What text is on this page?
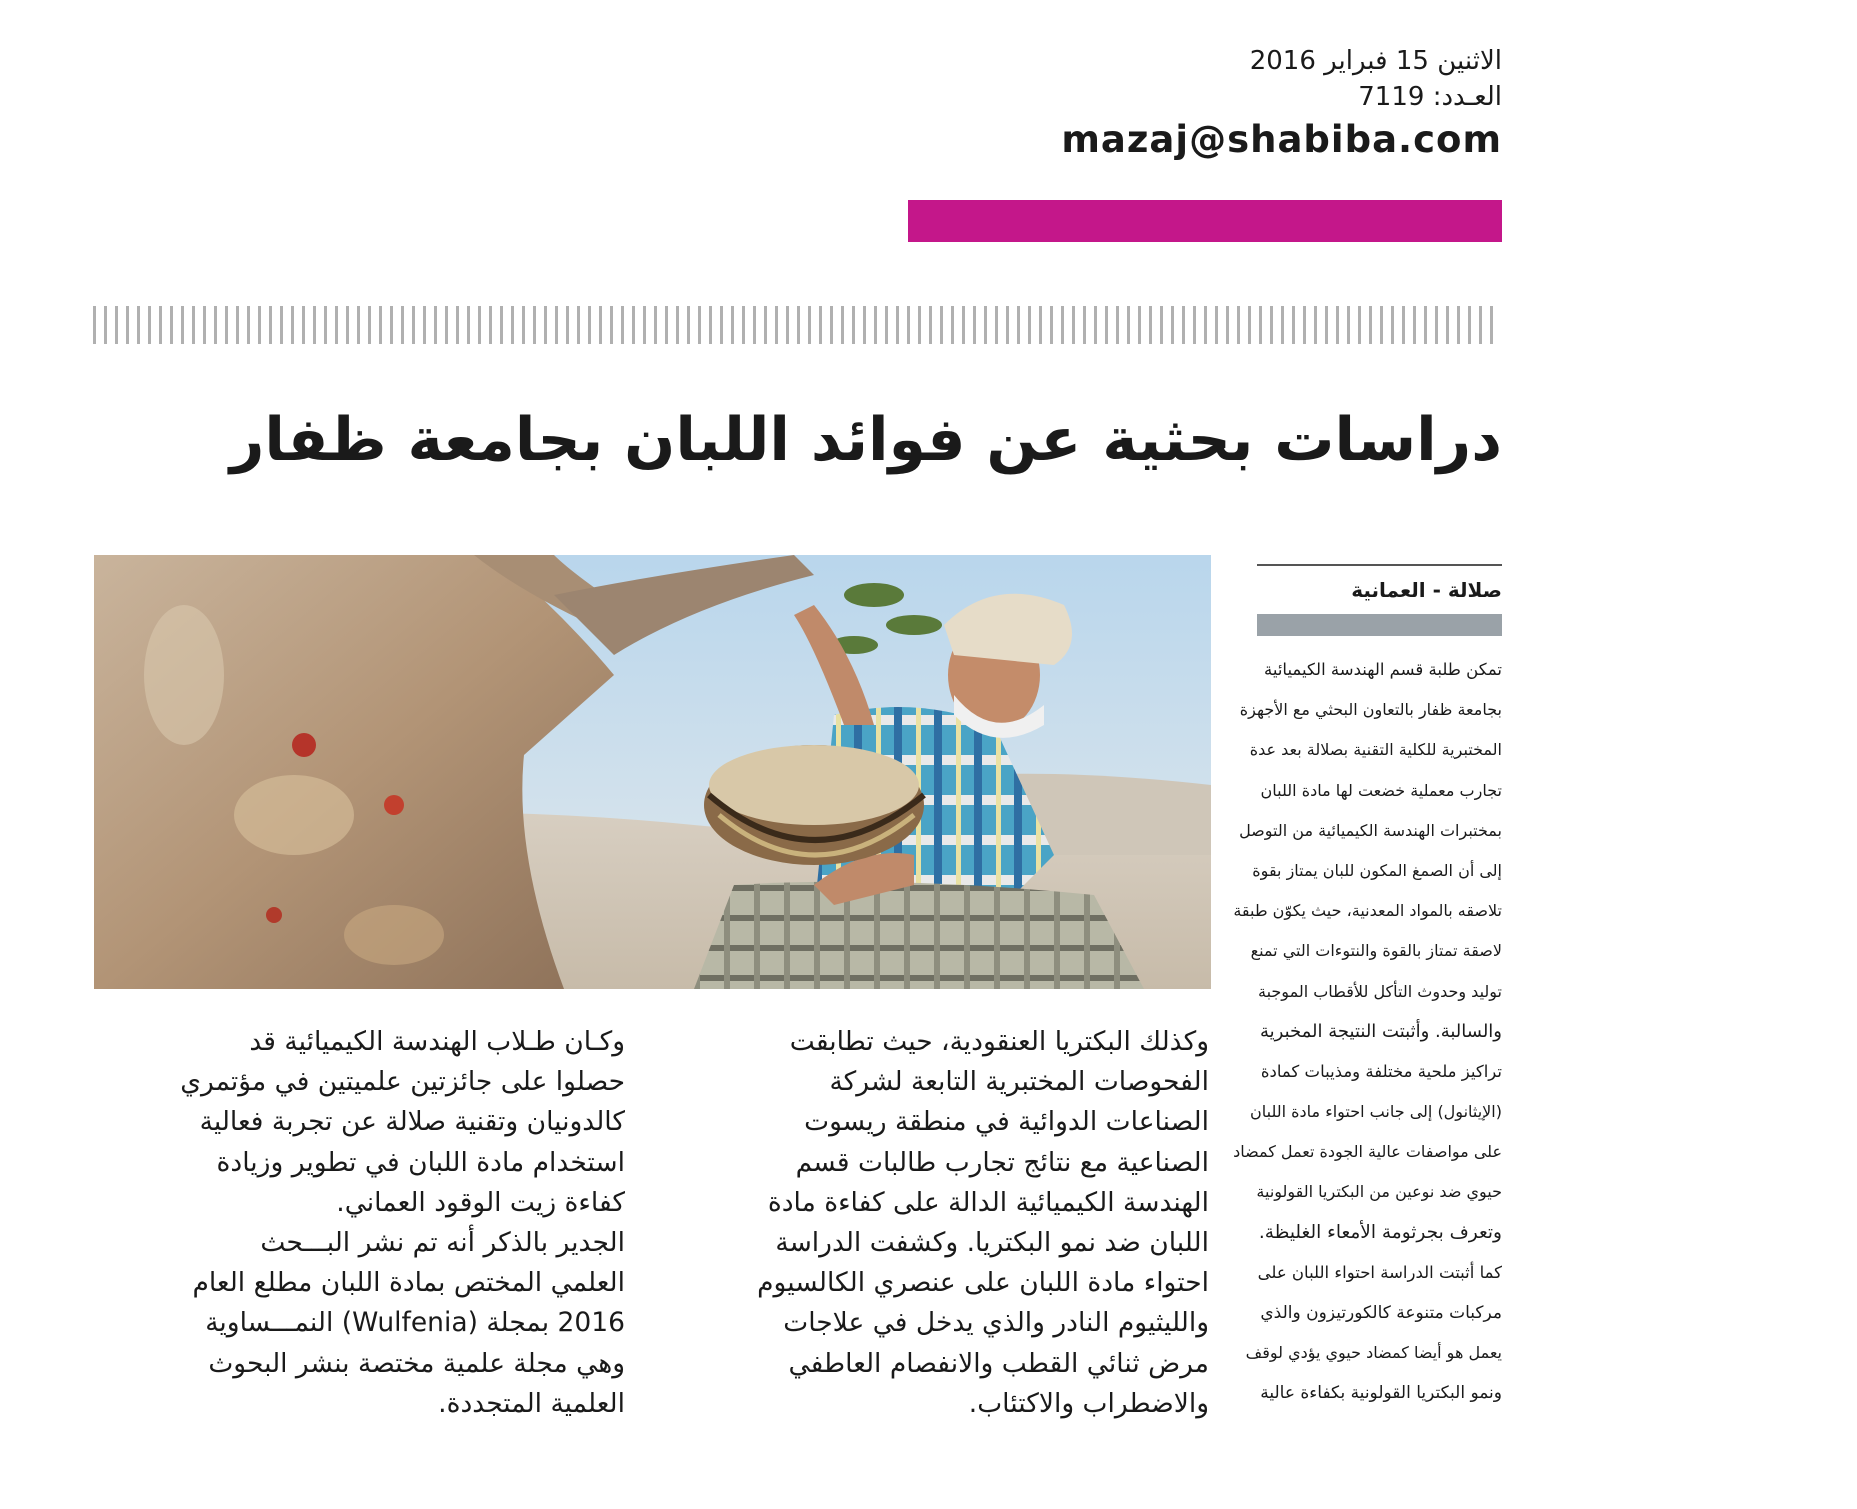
الاثنين 15 فبراير 2016
العـدد: 7119
mazaj@shabiba.com
دراسات بحثية عن فوائد اللبان بجامعة ظفار
صلالة - العمانية
تمكن طلبة قسم الهندسة الكيميائية
بجامعة ظفار بالتعاون البحثي مع الأجهزة
المختبرية للكلية التقنية بصلالة بعد عدة
تجارب معملية خضعت لها مادة اللبان
بمختبرات الهندسة الكيميائية من التوصل
إلى أن الصمغ المكون للبان يمتاز بقوة
تلاصقه بالمواد المعدنية، حيث يكوّن طبقة
لاصقة تمتاز بالقوة والنتوءات التي تمنع
توليد وحدوث التأكل للأقطاب الموجبة
والسالبة. وأثبتت النتيجة المخبرية
تراكيز ملحية مختلفة ومذيبات كمادة
(الإيثانول) إلى جانب احتواء مادة اللبان
على مواصفات عالية الجودة تعمل كمضاد
حيوي ضد نوعين من البكتريا القولونية
وتعرف بجرثومة الأمعاء الغليظة.
كما أثبتت الدراسة احتواء اللبان على
مركبات متنوعة كالكورتيزون والذي
يعمل هو أيضا كمضاد حيوي يؤدي لوقف
ونمو البكتريا القولونية بكفاءة عالية
وكذلك البكتريا العنقودية، حيث تطابقت
الفحوصات المختبرية التابعة لشركة
الصناعات الدوائية في منطقة ريسوت
الصناعية مع نتائج تجارب طالبات قسم
الهندسة الكيميائية الدالة على كفاءة مادة
اللبان ضد نمو البكتريا. وكشفت الدراسة
احتواء مادة اللبان على عنصري الكالسيوم
والليثيوم النادر والذي يدخل في علاجات
مرض ثنائي القطب والانفصام العاطفي
والاضطراب والاكتئاب.
وكـان طـلاب الهندسة الكيميائية قد
حصلوا على جائزتين علميتين في مؤتمري
كالدونيان وتقنية صلالة عن تجربة فعالية
استخدام مادة اللبان في تطوير وزيادة
كفاءة زيت الوقود العماني.
الجدير بالذكر أنه تم نشر البـــحث
العلمي المختص بمادة اللبان مطلع العام
2016 بمجلة (Wulfenia) النمـــساوية
وهي مجلة علمية مختصة بنشر البحوث
العلمية المتجددة.
